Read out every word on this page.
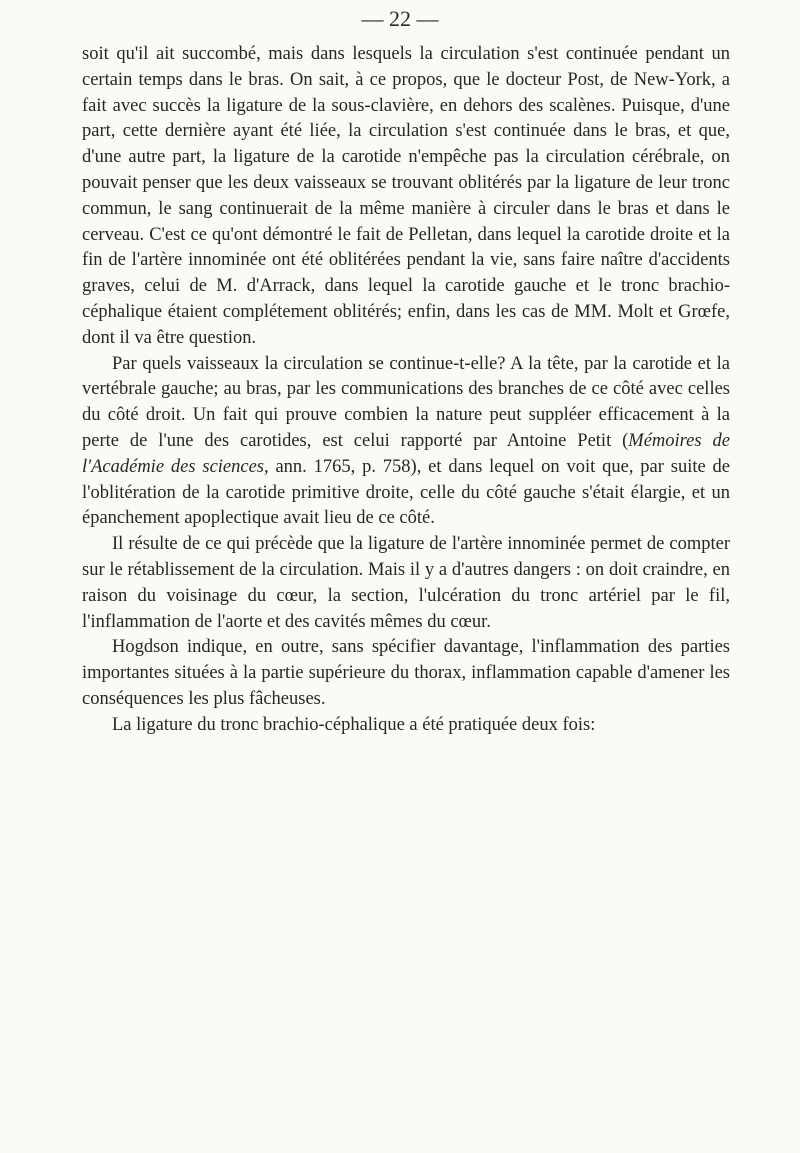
— 22 —

soit qu'il ait succombé, mais dans lesquels la circulation s'est continuée pendant un certain temps dans le bras. On sait, à ce propos, que le docteur Post, de New-York, a fait avec succès la ligature de la sous-clavière, en dehors des scalènes. Puisque, d'une part, cette dernière ayant été liée, la circulation s'est continuée dans le bras, et que, d'une autre part, la ligature de la carotide n'empêche pas la circulation cérébrale, on pouvait penser que les deux vaisseaux se trouvant oblitérés par la ligature de leur tronc commun, le sang continuerait de la même manière à circuler dans le bras et dans le cerveau. C'est ce qu'ont démontré le fait de Pelletan, dans lequel la carotide droite et la fin de l'artère innominée ont été oblitérées pendant la vie, sans faire naître d'accidents graves, celui de M. d'Arrack, dans lequel la carotide gauche et le tronc brachio-céphalique étaient complétement oblitérés; enfin, dans les cas de MM. Molt et Grœfe, dont il va être question.

Par quels vaisseaux la circulation se continue-t-elle? A la tête, par la carotide et la vertébrale gauche; au bras, par les communications des branches de ce côté avec celles du côté droit. Un fait qui prouve combien la nature peut suppléer efficacement à la perte de l'une des carotides, est celui rapporté par Antoine Petit (Mémoires de l'Académie des sciences, ann. 1765, p. 758), et dans lequel on voit que, par suite de l'oblitération de la carotide primitive droite, celle du côté gauche s'était élargie, et un épanchement apoplectique avait lieu de ce côté.

Il résulte de ce qui précède que la ligature de l'artère innominée permet de compter sur le rétablissement de la circulation. Mais il y a d'autres dangers : on doit craindre, en raison du voisinage du cœur, la section, l'ulcération du tronc artériel par le fil, l'inflammation de l'aorte et des cavités mêmes du cœur.

Hogdson indique, en outre, sans spécifier davantage, l'inflammation des parties importantes situées à la partie supérieure du thorax, inflammation capable d'amener les conséquences les plus fâcheuses.

La ligature du tronc brachio-céphalique a été pratiquée deux fois:
